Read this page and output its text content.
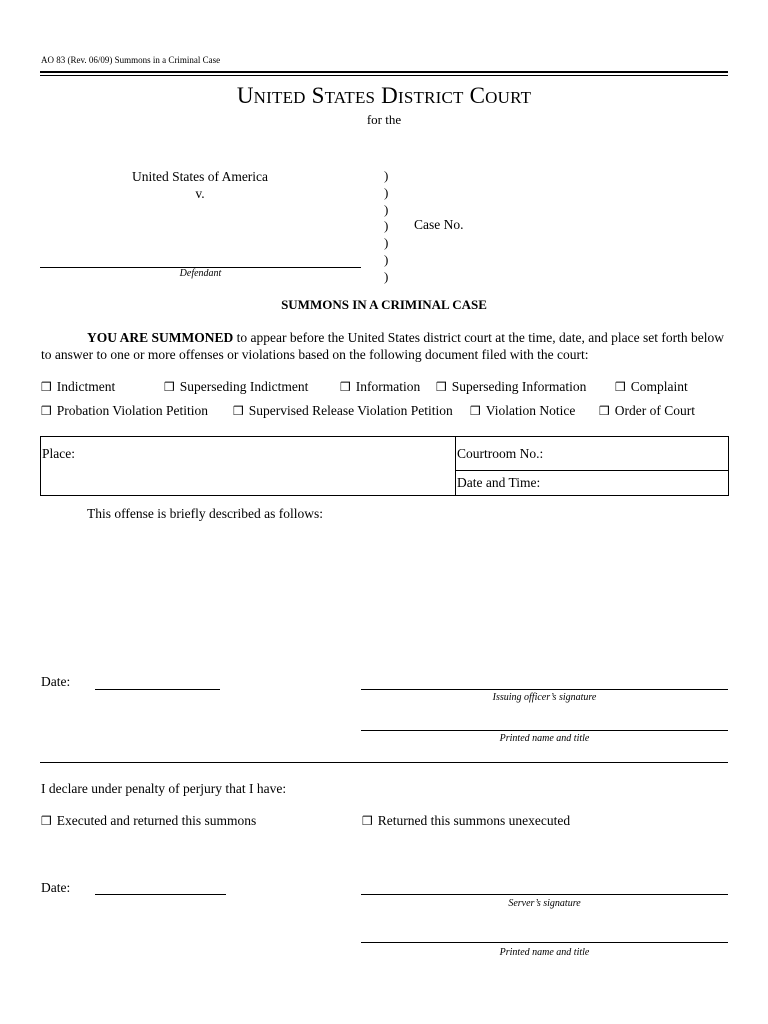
AO 83 (Rev. 06/09) Summons in a Criminal Case
UNITED STATES DISTRICT COURT
for the
United States of America
v.
Defendant
)
)
)
)
)
)
)
Case No.
SUMMONS IN A CRIMINAL CASE
YOU ARE SUMMONED to appear before the United States district court at the time, date, and place set forth below to answer to one or more offenses or violations based on the following document filed with the court:
❒ Indictment	❒ Superseding Indictment	❒ Information ❒ Superseding Information ❒ Complaint
❒ Probation Violation Petition ❒ Supervised Release Violation Petition ❒ Violation Notice ❒ Order of Court
Place:	Courtroom No.:
Date and Time:
This offense is briefly described as follows:
Date:
Issuing officer’s signature
Printed name and title
I declare under penalty of perjury that I have:
❒ Executed and returned this summons	❒ Returned this summons unexecuted
Date:
Server’s signature
Printed name and title
